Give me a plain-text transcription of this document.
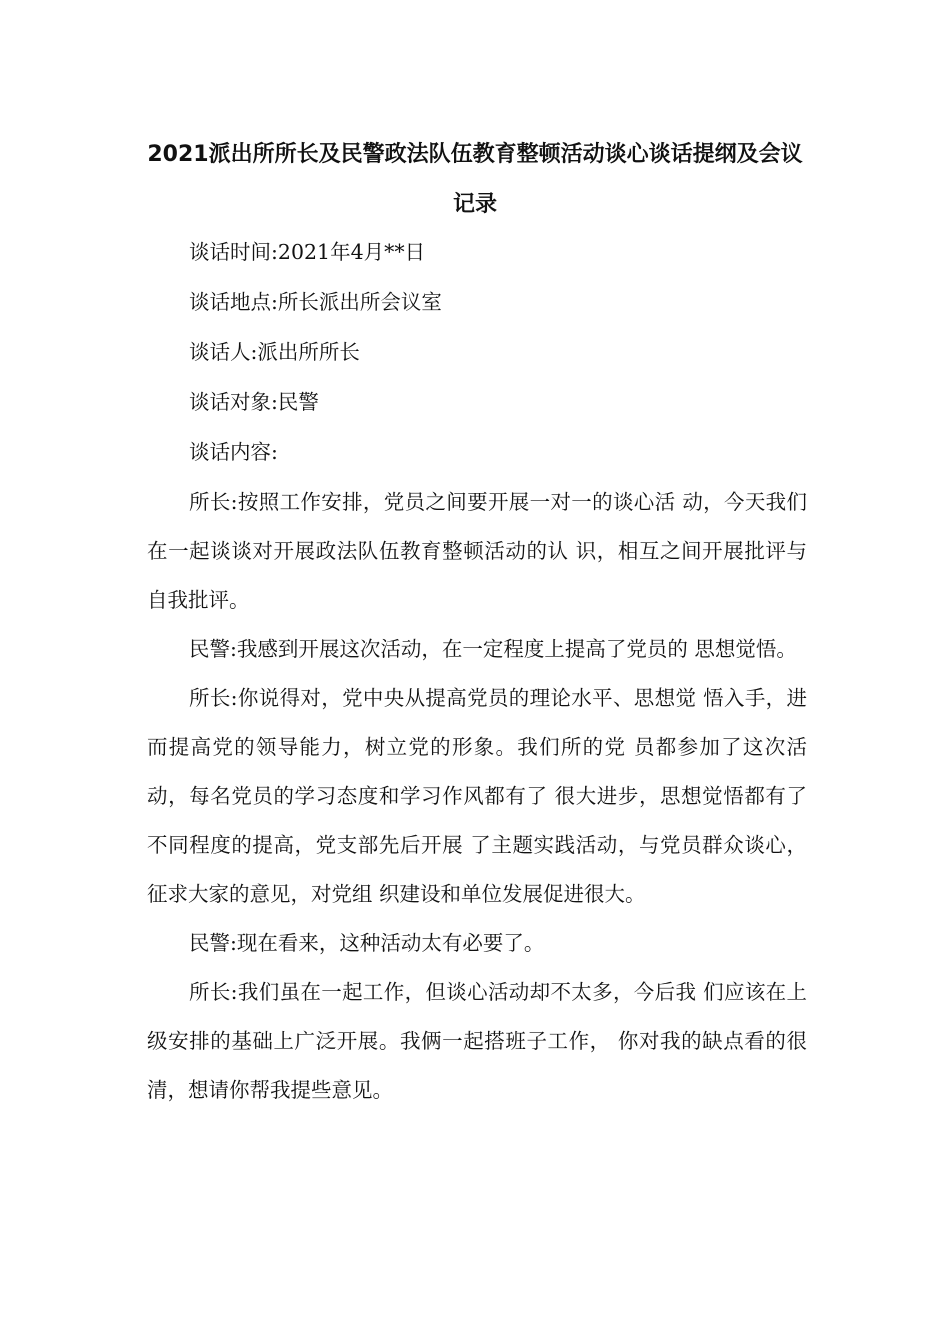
2021派出所所长及民警政法队伍教育整顿活动谈心谈话提纲及会议
记录

谈话时间:2021年4月**日

谈话地点:所长派出所会议室

谈话人:派出所所长

谈话对象:民警

谈话内容:

所长:按照工作安排，党员之间要开展一对一的谈心活 动，今天我们在一起谈谈对开展政法队伍教育整顿活动的认 识，相互之间开展批评与自我批评。

民警:我感到开展这次活动，在一定程度上提高了党员的 思想觉悟。

所长:你说得对，党中央从提高党员的理论水平、思想觉 悟入手，进而提高党的领导能力，树立党的形象。我们所的党 员都参加了这次活动，每名党员的学习态度和学习作风都有了 很大进步，思想觉悟都有了不同程度的提高，党支部先后开展 了主题实践活动，与党员群众谈心，征求大家的意见，对党组 织建设和单位发展促进很大。

民警:现在看来，这种活动太有必要了。

所长:我们虽在一起工作，但谈心活动却不太多，今后我 们应该在上级安排的基础上广泛开展。我俩一起搭班子工作， 你对我的缺点看的很清，想请你帮我提些意见。
